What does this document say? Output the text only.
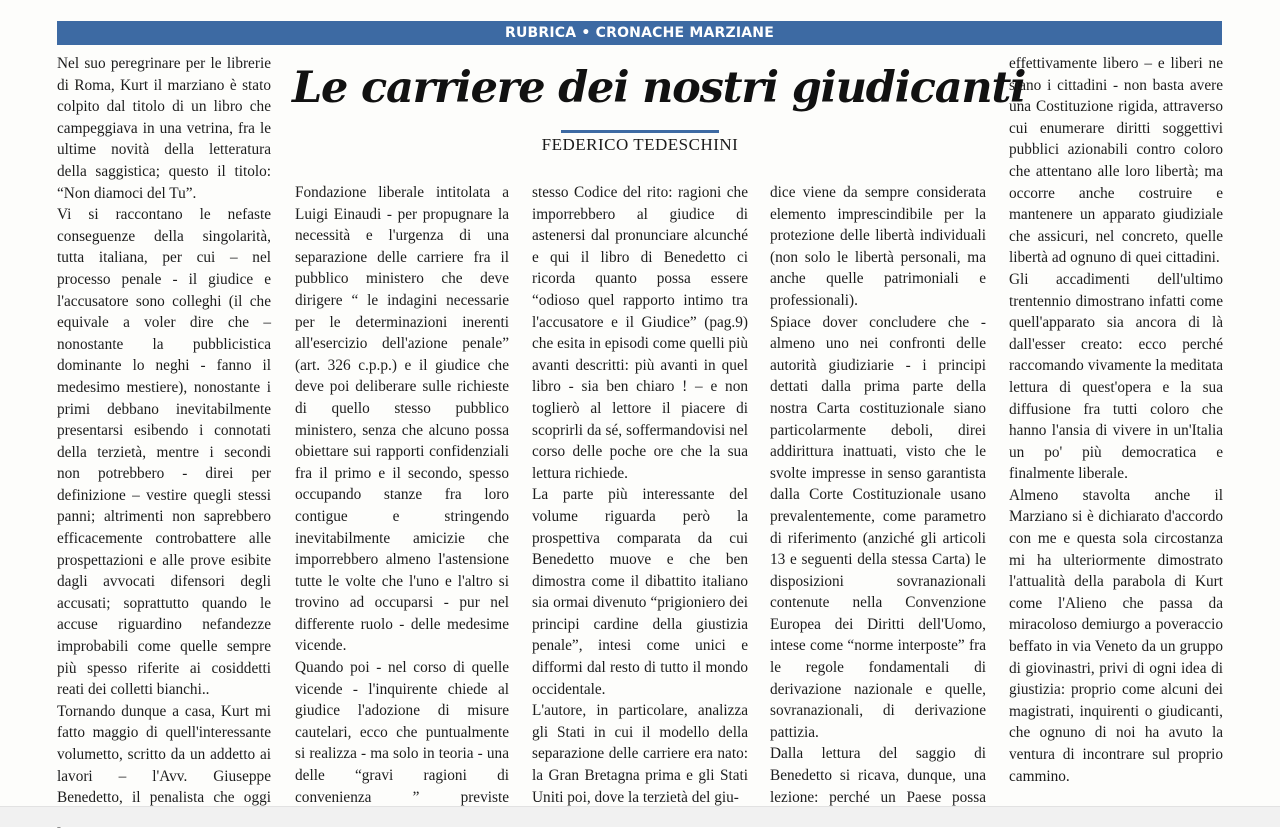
RUBRICA • CRONACHE MARZIANE
Le carriere dei nostri giudicanti
FEDERICO TEDESCHINI

Nel suo peregrinare per le librerie di Roma, Kurt il marziano è stato colpito dal titolo di un libro che campeggiava in una vetrina, fra le ultime novità della letteratura della saggistica; questo il titolo: “Non diamoci del Tu”.

Vi si raccontano le nefaste conseguenze della singolarità, tutta italiana, per cui – nel processo penale - il giudice e l'accusatore sono colleghi (il che equivale a voler dire che – nonostante la pubblicistica dominante lo neghi - fanno il medesimo mestiere), nonostante i primi debbano inevitabilmente presentarsi esibendo i connotati della terzietà, mentre i secondi non potrebbero - direi per definizione – vestire quegli stessi panni; altrimenti non saprebbero efficacemente controbattere alle prospettazioni e alle prove esibite dagli avvocati difensori degli accusati; soprattutto quando le accuse riguardino nefandezze improbabili come quelle sempre più spesso riferite ai cosiddetti reati dei colletti bianchi..

Tornando dunque a casa, Kurt mi fatto maggio di quell'interessante volumetto, scritto da un addetto ai lavori – l'Avv. Giuseppe Benedetto, il penalista che oggi

Fondazione liberale intitolata a Luigi Einaudi - per propugnare la necessità e l'urgenza di una separazione delle carriere fra il pubblico ministero che deve dirigere “ le indagini necessarie per le determinazioni inerenti all'esercizio dell'azione penale” (art. 326 c.p.p.) e il giudice che deve poi deliberare sulle richieste di quello stesso pubblico ministero, senza che alcuno possa obiettare sui rapporti confidenziali fra il primo e il secondo, spesso occupando stanze fra loro contigue e stringendo inevitabilmente amicizie che imporrebbero almeno l'astensione tutte le volte che l'uno e l'altro si trovino ad occuparsi - pur nel differente ruolo - delle medesime vicende.

Quando poi - nel corso di quelle vicende - l'inquirente chiede al giudice l'adozione di misure cautelari, ecco che puntualmente si realizza - ma solo in teoria - una delle “gravi ragioni di convenienza ” previste

stesso Codice del rito: ragioni che imporrebbero al giudice di astenersi dal pronunciare alcunché e qui il libro di Benedetto ci ricorda quanto possa essere “odioso quel rapporto intimo tra l'accusatore e il Giudice” (pag.9) che esita in episodi come quelli più avanti descritti: più avanti in quel libro - sia ben chiaro ! – e non toglierò al lettore il piacere di scoprirli da sé, soffermandovisi nel corso delle poche ore che la sua lettura richiede.

La parte più interessante del volume riguarda però la prospettiva comparata da cui Benedetto muove e che ben dimostra come il dibattito italiano sia ormai divenuto “prigioniero dei principi cardine della giustizia penale”, intesi come unici e difformi dal resto di tutto il mondo occidentale.

L'autore, in particolare, analizza gli Stati in cui il modello della separazione delle carriere era nato: la Gran Bretagna prima e gli Stati Uniti poi, dove la terzietà del giu-

dice viene da sempre considerata elemento imprescindibile per la protezione delle libertà individuali (non solo le libertà personali, ma anche quelle patrimoniali e professionali).

Spiace dover concludere che - almeno uno nei confronti delle autorità giudiziarie - i principi dettati dalla prima parte della nostra Carta costituzionale siano particolarmente deboli, direi addirittura inattuati, visto che le svolte impresse in senso garantista dalla Corte Costituzionale usano prevalentemente, come parametro di riferimento (anziché gli articoli 13 e seguenti della stessa Carta) le disposizioni sovranazionali contenute nella Convenzione Europea dei Diritti dell'Uomo, intese come “norme interposte” fra le regole fondamentali di derivazione nazionale e quelle, sovranazionali, di derivazione pattizia.

Dalla lettura del saggio di Benedetto si ricava, dunque, una lezione: perché un Paese possa

effettivamente libero – e liberi ne siano i cittadini - non basta avere una Costituzione rigida, attraverso cui enumerare diritti soggettivi pubblici azionabili contro coloro che attentano alle loro libertà; ma occorre anche costruire e mantenere un apparato giudiziale che assicuri, nel concreto, quelle libertà ad ognuno di quei cittadini.

Gli accadimenti dell'ultimo trentennio dimostrano infatti come quell'apparato sia ancora di là dall'esser creato: ecco perché raccomando vivamente la meditata lettura di quest'opera e la sua diffusione fra tutti coloro che hanno l'ansia di vivere in un'Italia un po' più democratica e finalmente liberale.

Almeno stavolta anche il Marziano si è dichiarato d'accordo con me e questa sola circostanza mi ha ulteriormente dimostrato l'attualità della parabola di Kurt come l'Alieno che passa da miracoloso demiurgo a poveraccio beffato in via Veneto da un gruppo di giovinastri, privi di ogni idea di giustizia: proprio come alcuni dei magistrati, inquirenti o giudicanti, che ognuno di noi ha avuto la ventura di incontrare sul proprio cammino.
